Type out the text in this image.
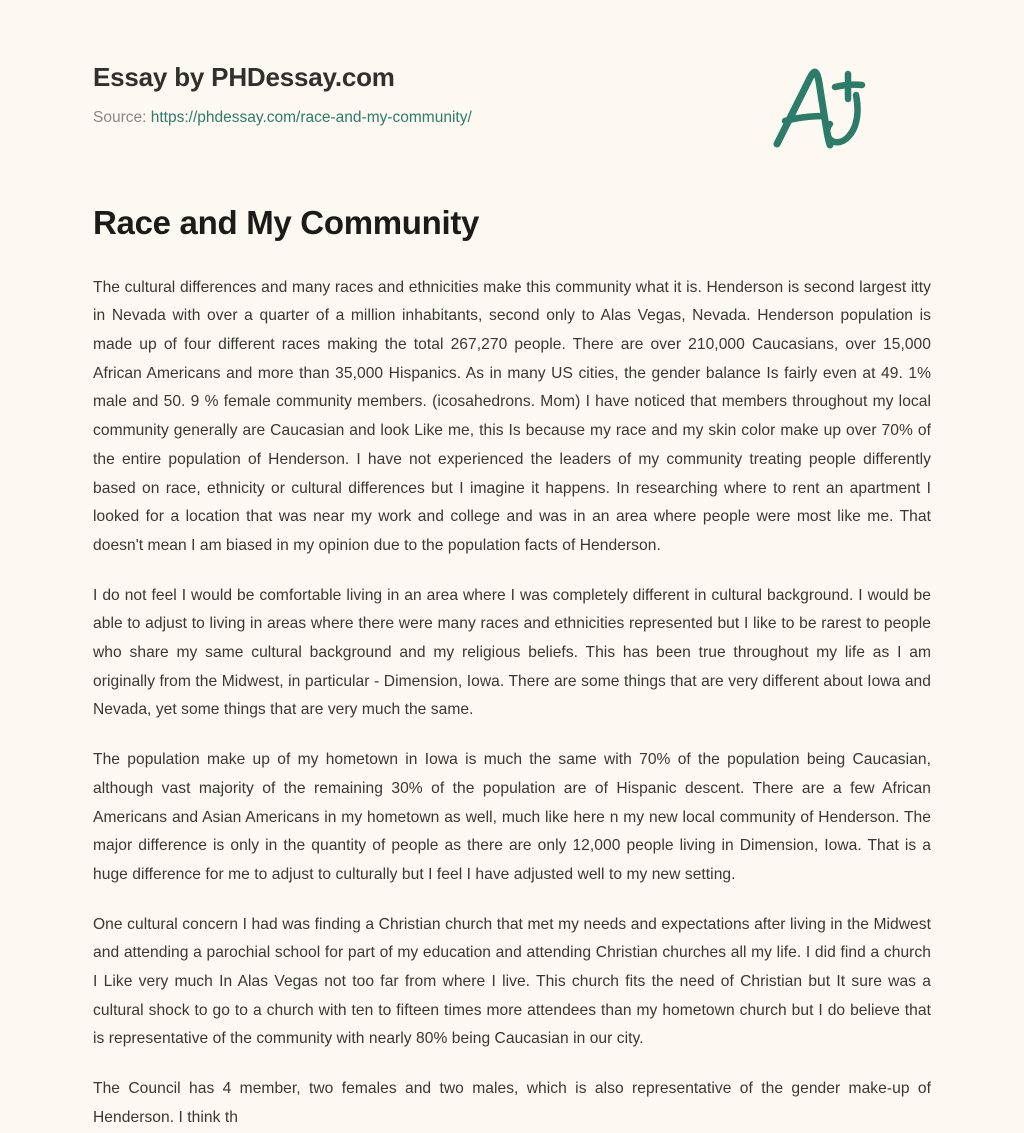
Essay by PHDessay.com
Source: https://phdessay.com/race-and-my-community/
Race and My Community

The cultural differences and many races and ethnicities make this community what it is. Henderson is second largest itty in Nevada with over a quarter of a million inhabitants, second only to Alas Vegas, Nevada. Henderson population is made up of four different races making the total 267,270 people. There are over 210,000 Caucasians, over 15,000 African Americans and more than 35,000 Hispanics. As in many US cities, the gender balance Is fairly even at 49. 1% male and 50. 9 % female community members. (icosahedrons. Mom) I have noticed that members throughout my local community generally are Caucasian and look Like me, this Is because my race and my skin color make up over 70% of the entire population of Henderson. I have not experienced the leaders of my community treating people differently based on race, ethnicity or cultural differences but I imagine it happens. In researching where to rent an apartment I looked for a location that was near my work and college and was in an area where people were most like me. That doesn't mean I am biased in my opinion due to the population facts of Henderson.

I do not feel I would be comfortable living in an area where I was completely different in cultural background. I would be able to adjust to living in areas where there were many races and ethnicities represented but I like to be rarest to people who share my same cultural background and my religious beliefs. This has been true throughout my life as I am originally from the Midwest, in particular - Dimension, Iowa. There are some things that are very different about Iowa and Nevada, yet some things that are very much the same.

The population make up of my hometown in Iowa is much the same with 70% of the population being Caucasian, although vast majority of the remaining 30% of the population are of Hispanic descent. There are a few African Americans and Asian Americans in my hometown as well, much like here n my new local community of Henderson. The major difference is only in the quantity of people as there are only 12,000 people living in Dimension, Iowa. That is a huge difference for me to adjust to culturally but I feel I have adjusted well to my new setting.

One cultural concern I had was finding a Christian church that met my needs and expectations after living in the Midwest and attending a parochial school for part of my education and attending Christian churches all my life. I did find a church I Like very much In Alas Vegas not too far from where I live. This church fits the need of Christian but It sure was a cultural shock to go to a church with ten to fifteen times more attendees than my hometown church but I do believe that is representative of the community with nearly 80% being Caucasian in our city.

The Council has 4 member, two females and two males, which is also representative of the gender make-up of Henderson. I think th
